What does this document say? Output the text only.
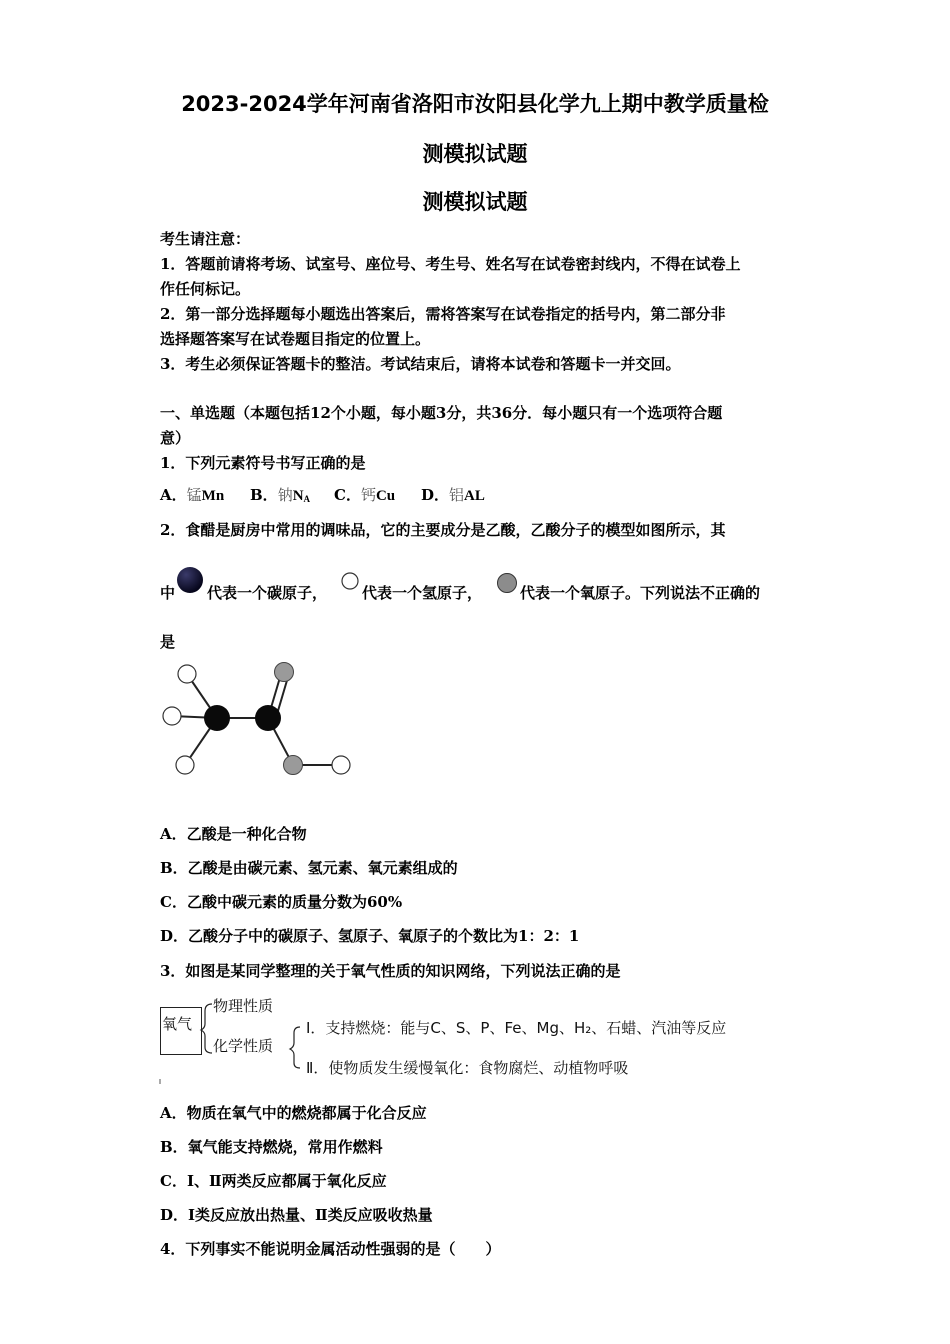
2023-2024学年河南省洛阳市汝阳县化学九上期中教学质量检
测模拟试题
测模拟试题
考生请注意：
1．答题前请将考场、试室号、座位号、考生号、姓名写在试卷密封线内，不得在试卷上
作任何标记。
2．第一部分选择题每小题选出答案后，需将答案写在试卷指定的括号内，第二部分非
选择题答案写在试卷题目指定的位置上。
3．考生必须保证答题卡的整洁。考试结束后，请将本试卷和答题卡一并交回。
一、单选题（本题包括12个小题，每小题3分，共36分．每小题只有一个选项符合题
意）
1．下列元素符号书写正确的是
A．锰Mn B．钠$N_A$ C．钙Cu D．铝AL
2．食醋是厨房中常用的调味品，它的主要成分是乙酸，乙酸分子的模型如图所示，其
中 代表一个碳原子， 代表一个氢原子，	代表一个氧原子。下列说法不正确的
是
A．乙酸是一种化合物
B．乙酸是由碳元素、氢元素、氧元素组成的
C．乙酸中碳元素的质量分数为60%
D．乙酸分子中的碳原子、氢原子、氧原子的个数比为1：2：1
3．如图是某同学整理的关于氧气性质的知识网络，下列说法正确的是
氧气
物理性质
化学性质
Ⅰ．支持燃烧：能与C、S、P、Fe、Mg、H₂、石蜡、汽油等反应
Ⅱ．使物质发生缓慢氧化：食物腐烂、动植物呼吸
A．物质在氧气中的燃烧都属于化合反应
B．氧气能支持燃烧，常用作燃料
C．Ⅰ、Ⅱ两类反应都属于氧化反应
D．Ⅰ类反应放出热量、Ⅱ类反应吸收热量
4．下列事实不能说明金属活动性强弱的是（　　）
